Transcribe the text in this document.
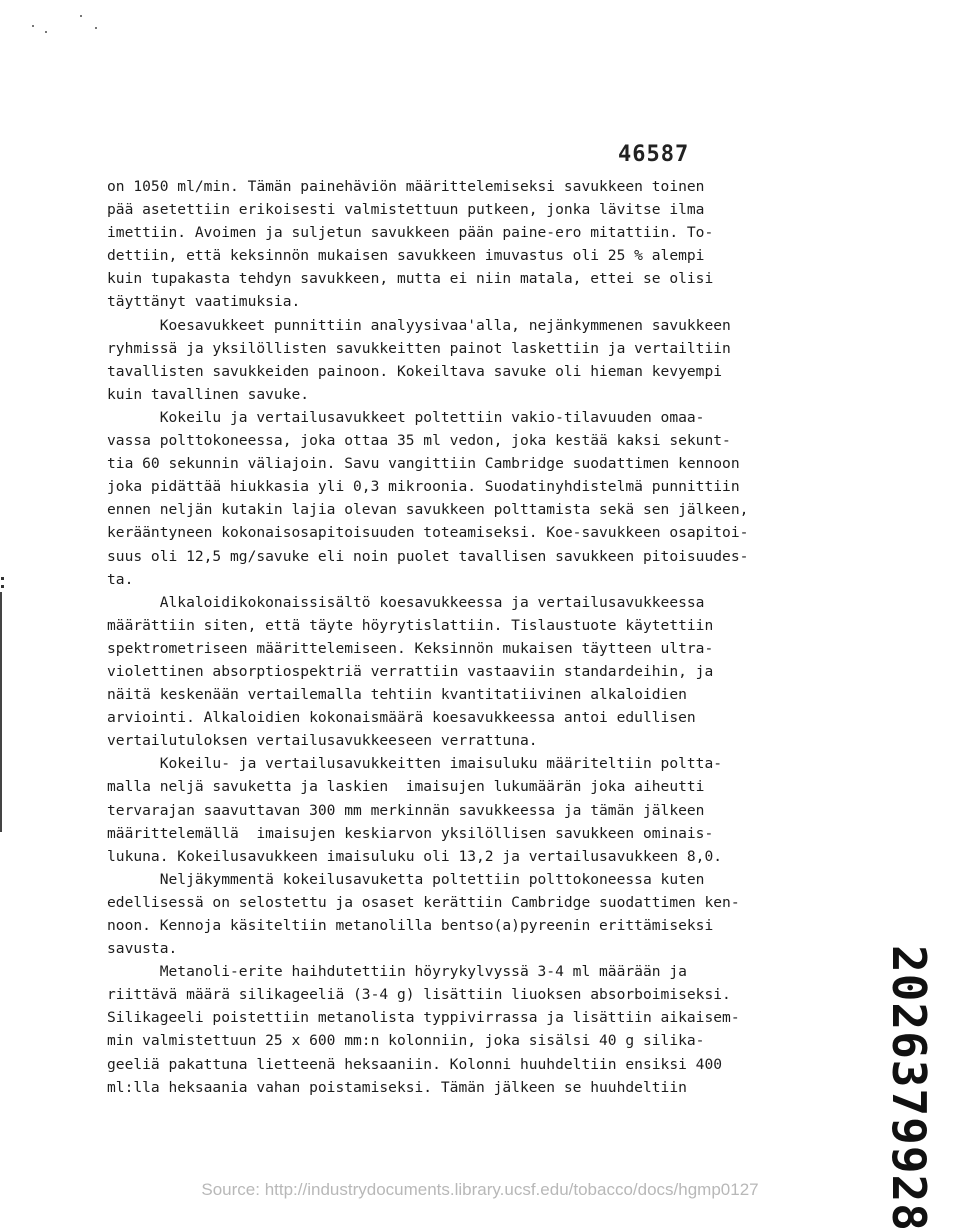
46587
on 1050 ml/min. Tämän painehäviön määrittelemiseksi savukkeen toinen
pää asetettiin erikoisesti valmistettuun putkeen, jonka lävitse ilma
imettiin. Avoimen ja suljetun savukkeen pään paine-ero mitattiin. To-
dettiin, että keksinnön mukaisen savukkeen imuvastus oli 25 % alempi
kuin tupakasta tehdyn savukkeen, mutta ei niin matala, ettei se olisi
täyttänyt vaatimuksia.
Koesavukkeet punnittiin analyysivaa'alla, nejänkymmenen savukkeen
ryhmissä ja yksilöllisten savukkeitten painot laskettiin ja vertailtiin
tavallisten savukkeiden painoon. Kokeiltava savuke oli hieman kevyempi
kuin tavallinen savuke.
Kokeilu ja vertailusavukkeet poltettiin vakio-tilavuuden omaa-
vassa polttokoneessa, joka ottaa 35 ml vedon, joka kestää kaksi sekunt-
tia 60 sekunnin väliajoin. Savu vangittiin Cambridge suodattimen kennoon
joka pidättää hiukkasia yli 0,3 mikroonia. Suodatinyhdistelmä punnittiin
ennen neljän kutakin lajia olevan savukkeen polttamista sekä sen jälkeen,
kerääntyneen kokonaisosapitoisuuden toteamiseksi. Koe-savukkeen osapitoi-
suus oli 12,5 mg/savuke eli noin puolet tavallisen savukkeen pitoisuudes-
ta.
Alkaloidikokonaissisältö koesavukkeessa ja vertailusavukkeessa
määrättiin siten, että täyte höyrytislattiin. Tislaustuote käytettiin
spektrometriseen määrittelemiseen. Keksinnön mukaisen täytteen ultra-
violettinen absorptiospektriä verrattiin vastaaviin standardeihin, ja
näitä keskenään vertailemalla tehtiin kvantitatiivinen alkaloidien
arviointi. Alkaloidien kokonaismäärä koesavukkeessa antoi edullisen
vertailutuloksen vertailusavukkeeseen verrattuna.
Kokeilu- ja vertailusavukkeitten imaisuluku määriteltiin poltta-
malla neljä savuketta ja laskien  imaisujen lukumäärän joka aiheutti
tervarajan saavuttavan 300 mm merkinnän savukkeessa ja tämän jälkeen
määrittelemällä  imaisujen keskiarvon yksilöllisen savukkeen ominais-
lukuna. Kokeilusavukkeen imaisuluku oli 13,2 ja vertailusavukkeen 8,0.
Neljäkymmentä kokeilusavuketta poltettiin polttokoneessa kuten
edellisessä on selostettu ja osaset kerättiin Cambridge suodattimen ken-
noon. Kennoja käsiteltiin metanolilla bentso(a)pyreenin erittämiseksi
savusta.
Metanoli-erite haihdutettiin höyrykylvyssä 3-4 ml määrään ja
riittävä määrä silikageeliä (3-4 g) lisättiin liuoksen absorboimiseksi.
Silikageeli poistettiin metanolista typpivirrassa ja lisättiin aikaisem-
min valmistettuun 25 x 600 mm:n kolonniin, joka sisälsi 40 g silika-
geeliä pakattuna lietteenä heksaaniin. Kolonni huuhdeltiin ensiksi 400
ml:lla heksaania vahan poistamiseksi. Tämän jälkeen se huuhdeltiin	2026379928
Source: http://industrydocuments.library.ucsf.edu/tobacco/docs/hgmp0127
